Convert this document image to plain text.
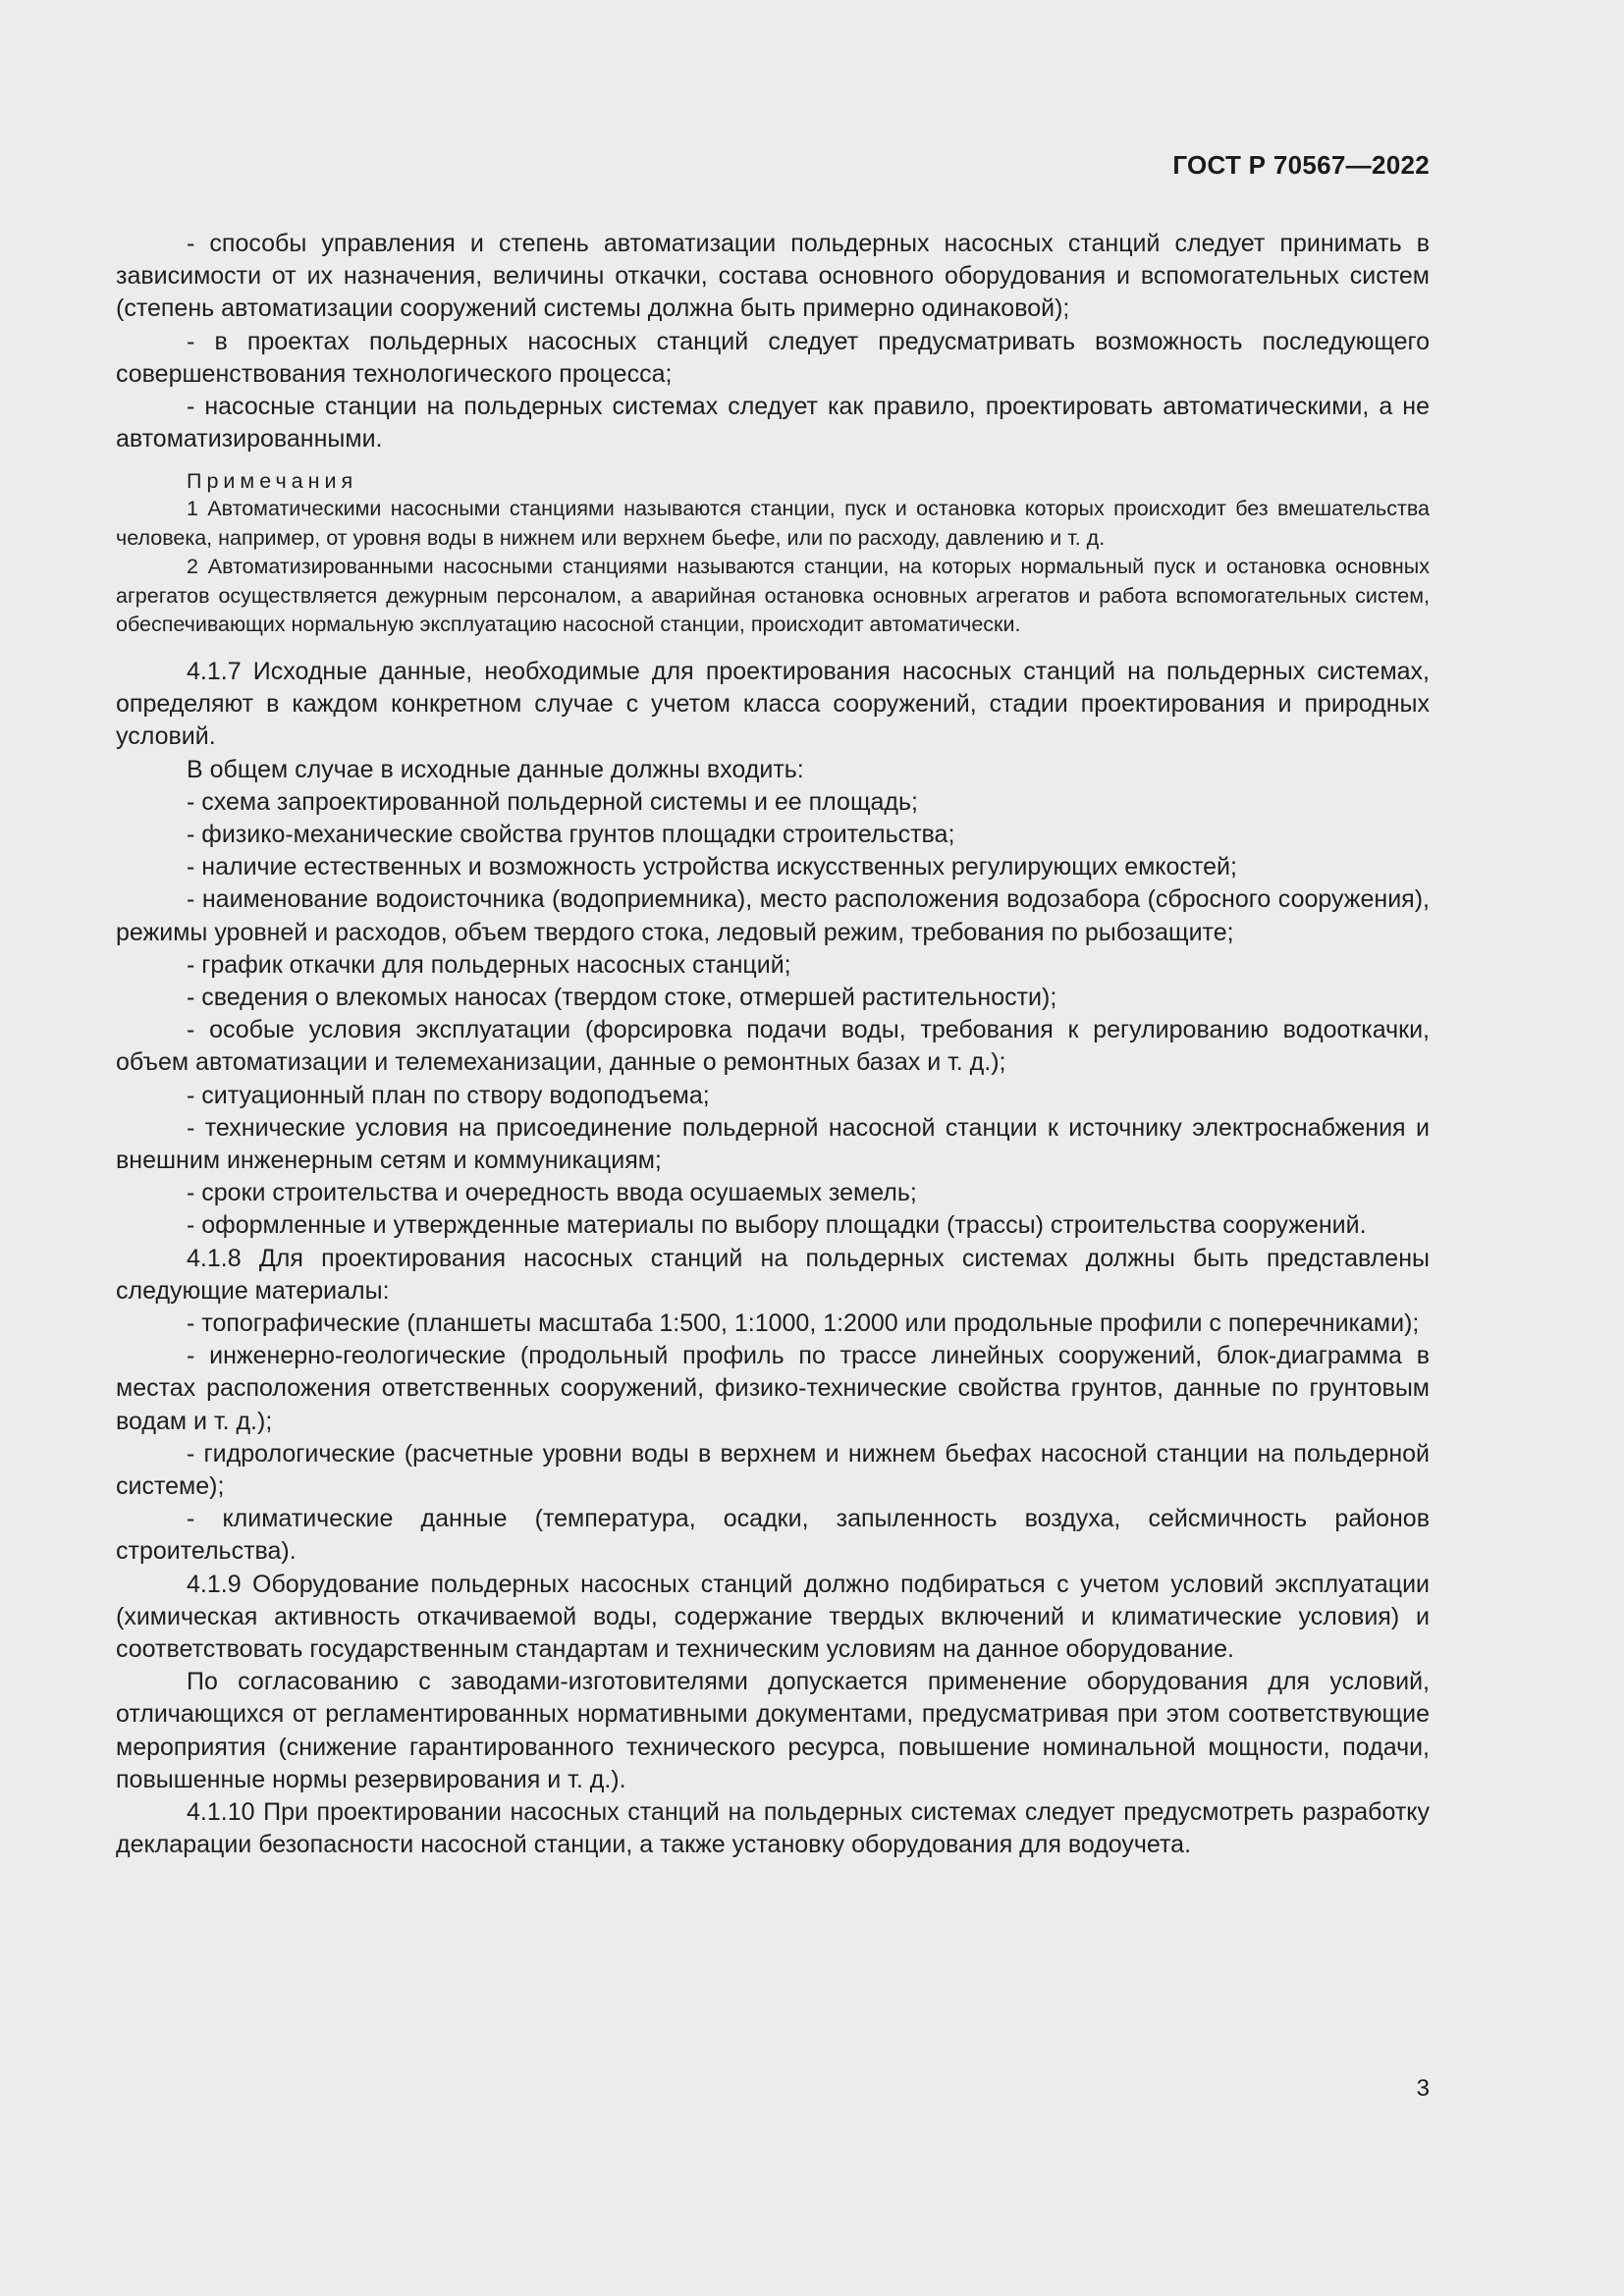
ГОСТ Р 70567—2022

- способы управления и степень автоматизации польдерных насосных станций следует принимать в зависимости от их назначения, величины откачки, состава основного оборудования и вспомогательных систем (степень автоматизации сооружений системы должна быть примерно одинаковой);

- в проектах польдерных насосных станций следует предусматривать возможность последующего совершенствования технологического процесса;

- насосные станции на польдерных системах следует как правило, проектировать автоматическими, а не автоматизированными.

Примечания

1 Автоматическими насосными станциями называются станции, пуск и остановка которых происходит без вмешательства человека, например, от уровня воды в нижнем или верхнем бьефе, или по расходу, давлению и т. д.

2 Автоматизированными насосными станциями называются станции, на которых нормальный пуск и остановка основных агрегатов осуществляется дежурным персоналом, а аварийная остановка основных агрегатов и работа вспомогательных систем, обеспечивающих нормальную эксплуатацию насосной станции, происходит автоматически.

4.1.7 Исходные данные, необходимые для проектирования насосных станций на польдерных системах, определяют в каждом конкретном случае с учетом класса сооружений, стадии проектирования и природных условий.

В общем случае в исходные данные должны входить:

- схема запроектированной польдерной системы и ее площадь;

- физико-механические свойства грунтов площадки строительства;

- наличие естественных и возможность устройства искусственных регулирующих емкостей;

- наименование водоисточника (водоприемника), место расположения водозабора (сбросного сооружения), режимы уровней и расходов, объем твердого стока, ледовый режим, требования по рыбозащите;

- график откачки для польдерных насосных станций;

- сведения о влекомых наносах (твердом стоке, отмершей растительности);

- особые условия эксплуатации (форсировка подачи воды, требования к регулированию водооткачки, объем автоматизации и телемеханизации, данные о ремонтных базах и т. д.);

- ситуационный план по створу водоподъема;

- технические условия на присоединение польдерной насосной станции к источнику электроснабжения и внешним инженерным сетям и коммуникациям;

- сроки строительства и очередность ввода осушаемых земель;

- оформленные и утвержденные материалы по выбору площадки (трассы) строительства сооружений.

4.1.8 Для проектирования насосных станций на польдерных системах должны быть представлены следующие материалы:

- топографические (планшеты масштаба 1:500, 1:1000, 1:2000 или продольные профили с поперечниками);

- инженерно-геологические (продольный профиль по трассе линейных сооружений, блок-диаграмма в местах расположения ответственных сооружений, физико-технические свойства грунтов, данные по грунтовым водам и т. д.);

- гидрологические (расчетные уровни воды в верхнем и нижнем бьефах насосной станции на польдерной системе);

- климатические данные (температура, осадки, запыленность воздуха, сейсмичность районов строительства).

4.1.9 Оборудование польдерных насосных станций должно подбираться с учетом условий эксплуатации (химическая активность откачиваемой воды, содержание твердых включений и климатические условия) и соответствовать государственным стандартам и техническим условиям на данное оборудование.

По согласованию с заводами-изготовителями допускается применение оборудования для условий, отличающихся от регламентированных нормативными документами, предусматривая при этом соответствующие мероприятия (снижение гарантированного технического ресурса, повышение номинальной мощности, подачи, повышенные нормы резервирования и т. д.).

4.1.10 При проектировании насосных станций на польдерных системах следует предусмотреть разработку декларации безопасности насосной станции, а также установку оборудования для водоучета.

3
